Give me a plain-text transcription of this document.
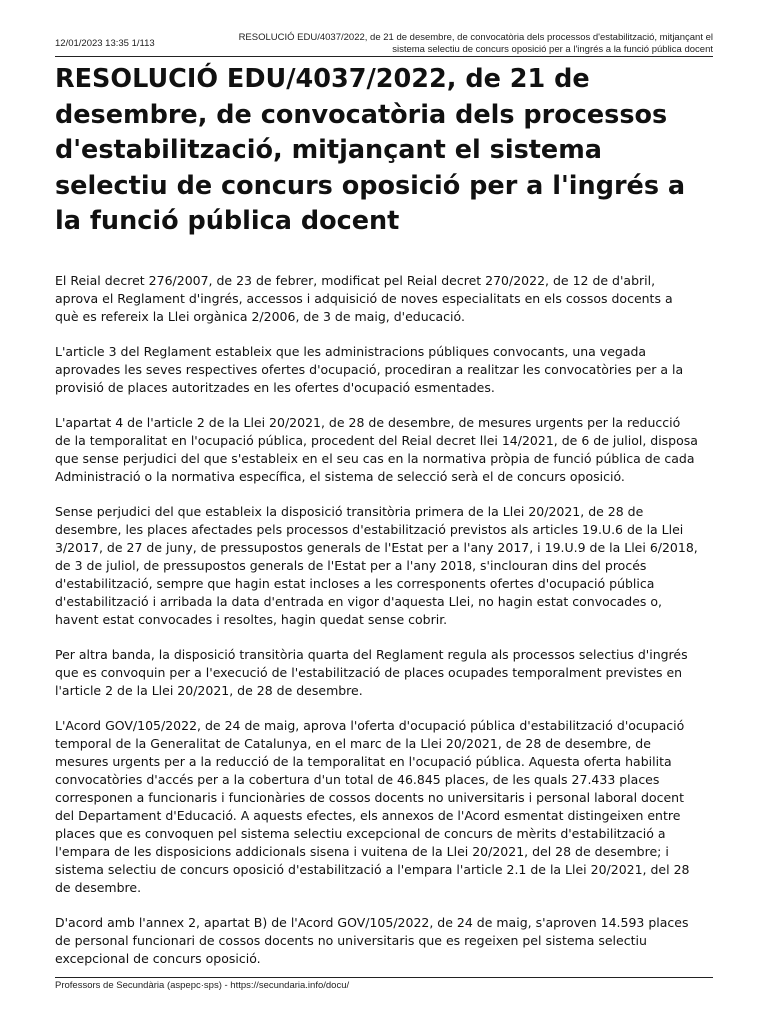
12/01/2023 13:35 1/113
RESOLUCIÓ EDU/4037/2022, de 21 de desembre, de convocatòria dels processos d'estabilització, mitjançant el
sistema selectiu de concurs oposició per a l'ingrés a la funció pública docent
RESOLUCIÓ EDU/4037/2022, de 21 de
desembre, de convocatòria dels processos
d'estabilització, mitjançant el sistema
selectiu de concurs oposició per a l'ingrés a
la funció pública docent

El Reial decret 276/2007, de 23 de febrer, modificat pel Reial decret 270/2022, de 12 de d'abril,
aprova el Reglament d'ingrés, accessos i adquisició de noves especialitats en els cossos docents a
què es refereix la Llei orgànica 2/2006, de 3 de maig, d'educació.

L'article 3 del Reglament estableix que les administracions públiques convocants, una vegada
aprovades les seves respectives ofertes d'ocupació, procediran a realitzar les convocatòries per a la
provisió de places autoritzades en les ofertes d'ocupació esmentades.

L'apartat 4 de l'article 2 de la Llei 20/2021, de 28 de desembre, de mesures urgents per la reducció
de la temporalitat en l'ocupació pública, procedent del Reial decret llei 14/2021, de 6 de juliol, disposa
que sense perjudici del que s'estableix en el seu cas en la normativa pròpia de funció pública de cada
Administració o la normativa específica, el sistema de selecció serà el de concurs oposició.

Sense perjudici del que estableix la disposició transitòria primera de la Llei 20/2021, de 28 de
desembre, les places afectades pels processos d'estabilització previstos als articles 19.U.6 de la Llei
3/2017, de 27 de juny, de pressupostos generals de l'Estat per a l'any 2017, i 19.U.9 de la Llei 6/2018,
de 3 de juliol, de pressupostos generals de l'Estat per a l'any 2018, s'inclouran dins del procés
d'estabilització, sempre que hagin estat incloses a les corresponents ofertes d'ocupació pública
d'estabilització i arribada la data d'entrada en vigor d'aquesta Llei, no hagin estat convocades o,
havent estat convocades i resoltes, hagin quedat sense cobrir.

Per altra banda, la disposició transitòria quarta del Reglament regula als processos selectius d'ingrés
que es convoquin per a l'execució de l'estabilització de places ocupades temporalment previstes en
l'article 2 de la Llei 20/2021, de 28 de desembre.

L'Acord GOV/105/2022, de 24 de maig, aprova l'oferta d'ocupació pública d'estabilització d'ocupació
temporal de la Generalitat de Catalunya, en el marc de la Llei 20/2021, de 28 de desembre, de
mesures urgents per a la reducció de la temporalitat en l'ocupació pública. Aquesta oferta habilita
convocatòries d'accés per a la cobertura d'un total de 46.845 places, de les quals 27.433 places
corresponen a funcionaris i funcionàries de cossos docents no universitaris i personal laboral docent
del Departament d'Educació. A aquests efectes, els annexos de l'Acord esmentat distingeixen entre
places que es convoquen pel sistema selectiu excepcional de concurs de mèrits d'estabilització a
l'empara de les disposicions addicionals sisena i vuitena de la Llei 20/2021, del 28 de desembre; i
sistema selectiu de concurs oposició d'estabilització a l'empara l'article 2.1 de la Llei 20/2021, del 28
de desembre.

D'acord amb l'annex 2, apartat B) de l'Acord GOV/105/2022, de 24 de maig, s'aproven 14.593 places
de personal funcionari de cossos docents no universitaris que es regeixen pel sistema selectiu
excepcional de concurs oposició.

Professors de Secundària (aspepc·sps) - https://secundaria.info/docu/
